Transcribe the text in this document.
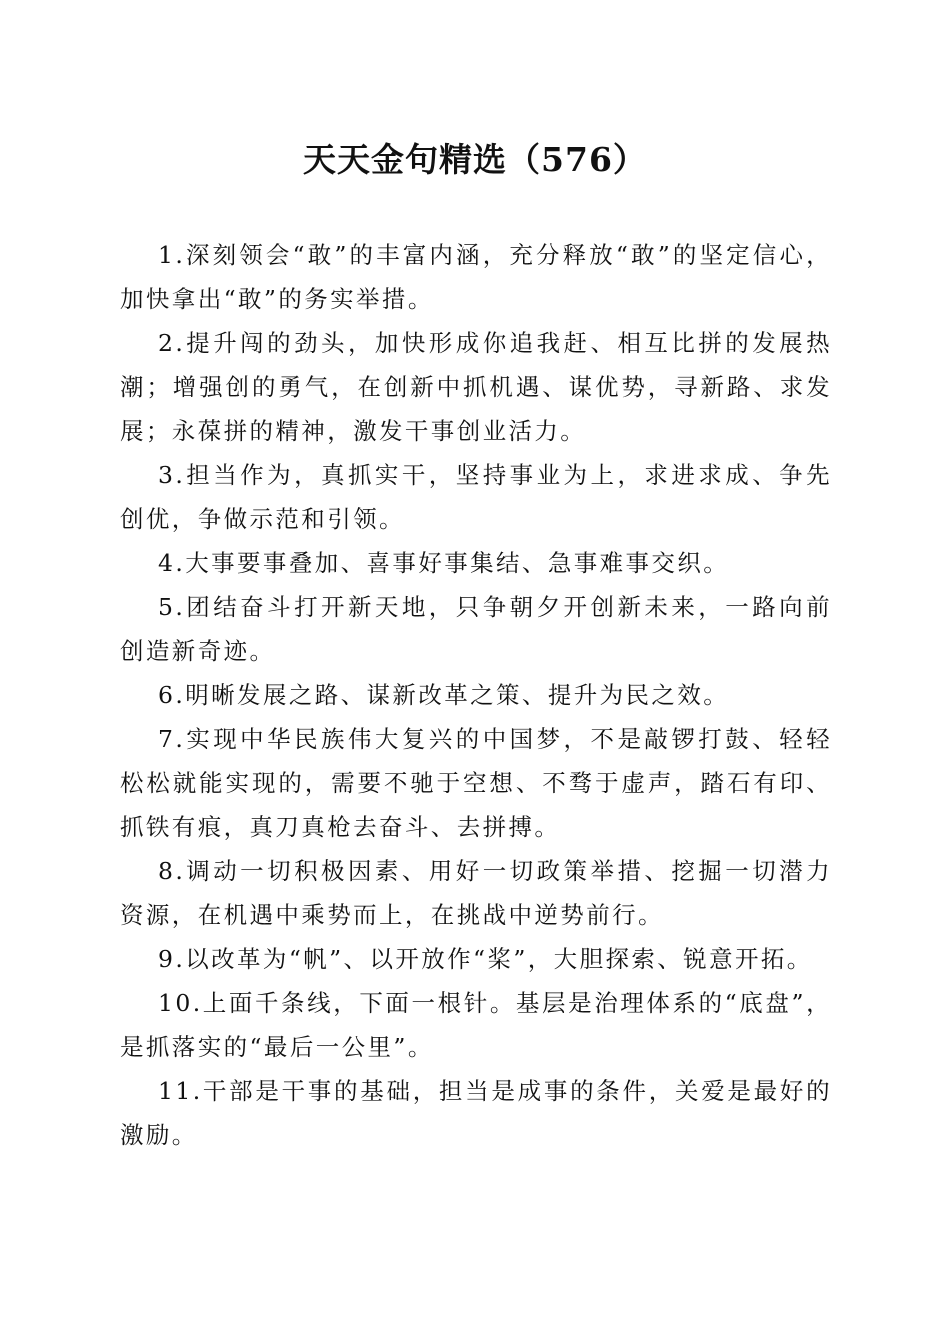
天天金句精选（576）

1.深刻领会“敢”的丰富内涵，充分释放“敢”的坚定信心，加快拿出“敢”的务实举措。

2.提升闯的劲头，加快形成你追我赶、相互比拼的发展热潮；增强创的勇气，在创新中抓机遇、谋优势，寻新路、求发展；永葆拼的精神，激发干事创业活力。

3.担当作为，真抓实干，坚持事业为上，求进求成、争先创优，争做示范和引领。

4.大事要事叠加、喜事好事集结、急事难事交织。

5.团结奋斗打开新天地，只争朝夕开创新未来，一路向前创造新奇迹。

6.明晰发展之路、谋新改革之策、提升为民之效。

7.实现中华民族伟大复兴的中国梦，不是敲锣打鼓、轻轻松松就能实现的，需要不驰于空想、不骛于虚声，踏石有印、抓铁有痕，真刀真枪去奋斗、去拼搏。

8.调动一切积极因素、用好一切政策举措、挖掘一切潜力资源，在机遇中乘势而上，在挑战中逆势前行。

9.以改革为“帆”、以开放作“桨”，大胆探索、锐意开拓。

10.上面千条线，下面一根针。基层是治理体系的“底盘”，是抓落实的“最后一公里”。

11.干部是干事的基础，担当是成事的条件，关爱是最好的激励。
